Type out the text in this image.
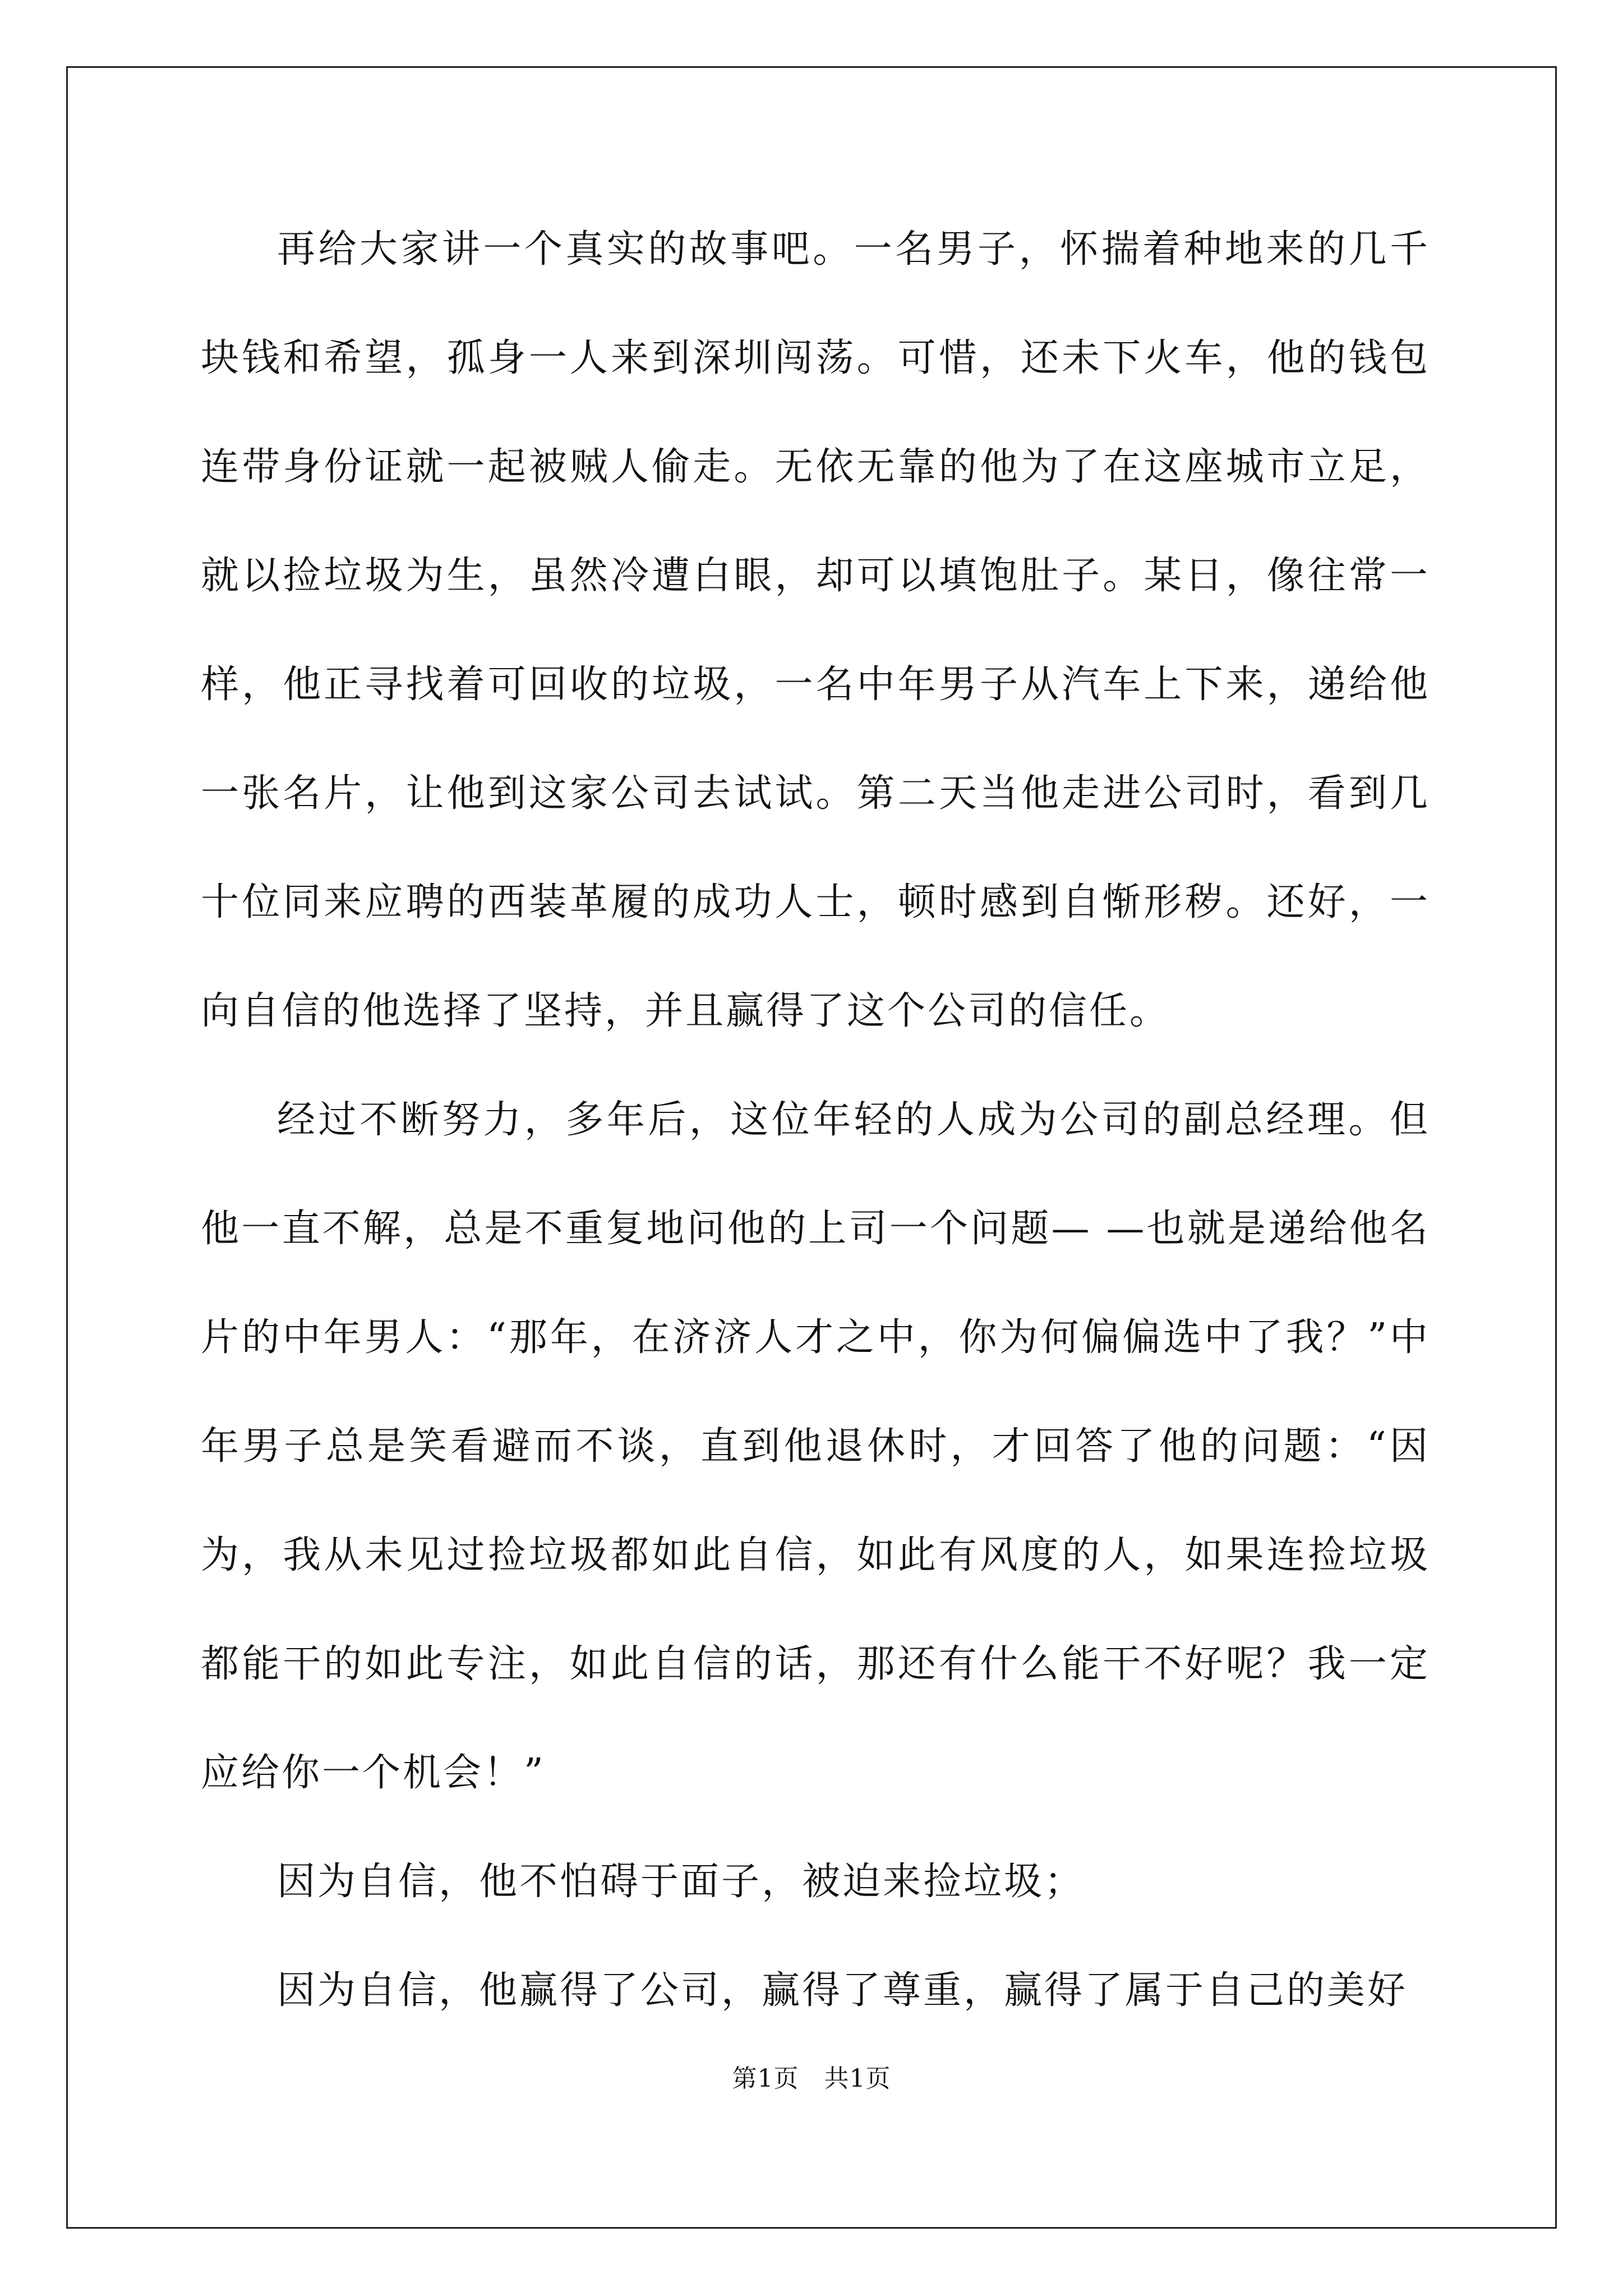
再给大家讲一个真实的故事吧。一名男子，怀揣着种地来的几千块钱和希望，孤身一人来到深圳闯荡。可惜，还未下火车，他的钱包连带身份证就一起被贼人偷走。无依无靠的他为了在这座城市立足，就以捡垃圾为生，虽然冷遭白眼，却可以填饱肚子。某日，像往常一样，他正寻找着可回收的垃圾，一名中年男子从汽车上下来，递给他一张名片，让他到这家公司去试试。第二天当他走进公司时，看到几十位同来应聘的西装革履的成功人士，顿时感到自惭形秽。还好，一向自信的他选择了坚持，并且赢得了这个公司的信任。

经过不断努力，多年后，这位年轻的人成为公司的副总经理。但他一直不解，总是不重复地问他的上司一个问题— —也就是递给他名片的中年男人：“那年，在济济人才之中，你为何偏偏选中了我？”中年男子总是笑看避而不谈，直到他退休时，才回答了他的问题：“因为，我从未见过捡垃圾都如此自信，如此有风度的人，如果连捡垃圾都能干的如此专注，如此自信的话，那还有什么能干不好呢？我一定应给你一个机会！”

因为自信，他不怕碍于面子，被迫来捡垃圾；

因为自信，他赢得了公司，赢得了尊重，赢得了属于自己的美好

第1页　共1页
